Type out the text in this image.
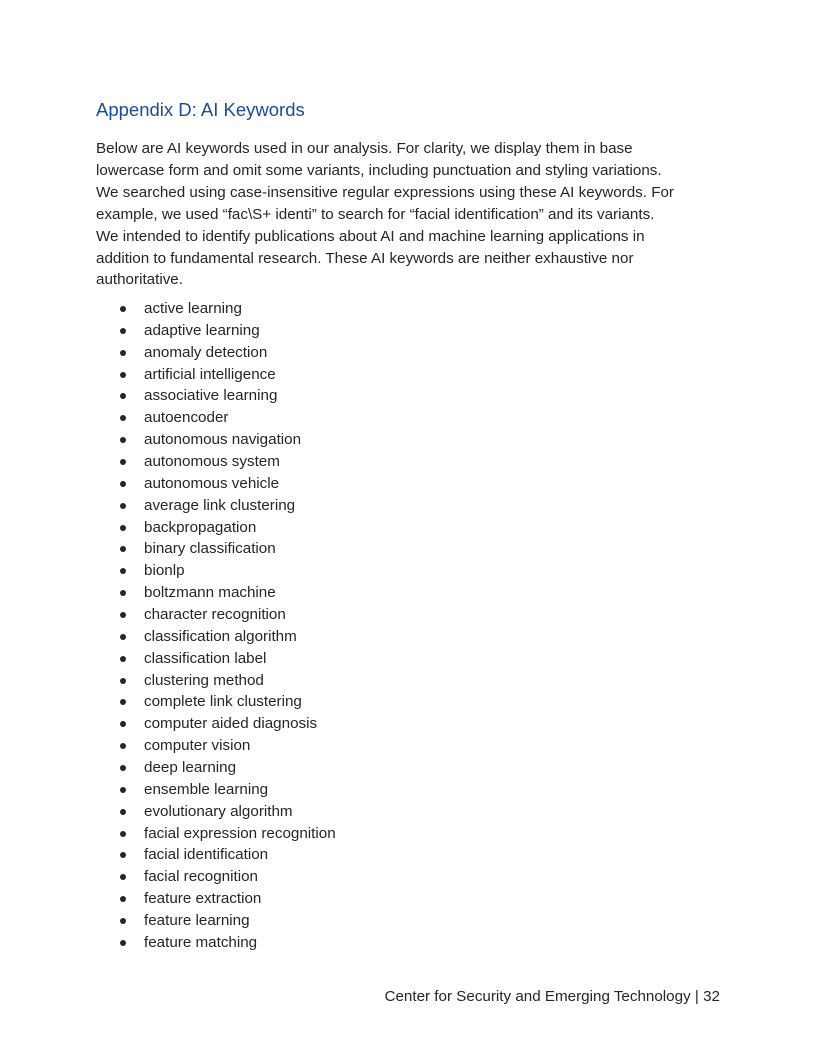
Appendix D: AI Keywords

Below are AI keywords used in our analysis. For clarity, we display them in base
lowercase form and omit some variants, including punctuation and styling variations.
We searched using case-insensitive regular expressions using these AI keywords. For
example, we used “fac\S+ identi” to search for “facial identification” and its variants.
We intended to identify publications about AI and machine learning applications in
addition to fundamental research. These AI keywords are neither exhaustive nor
authoritative.

active learning
adaptive learning
anomaly detection
artificial intelligence
associative learning
autoencoder
autonomous navigation
autonomous system
autonomous vehicle
average link clustering
backpropagation
binary classification
bionlp
boltzmann machine
character recognition
classification algorithm
classification label
clustering method
complete link clustering
computer aided diagnosis
computer vision
deep learning
ensemble learning
evolutionary algorithm
facial expression recognition
facial identification
facial recognition
feature extraction
feature learning
feature matching
Center for Security and Emerging Technology | 32
